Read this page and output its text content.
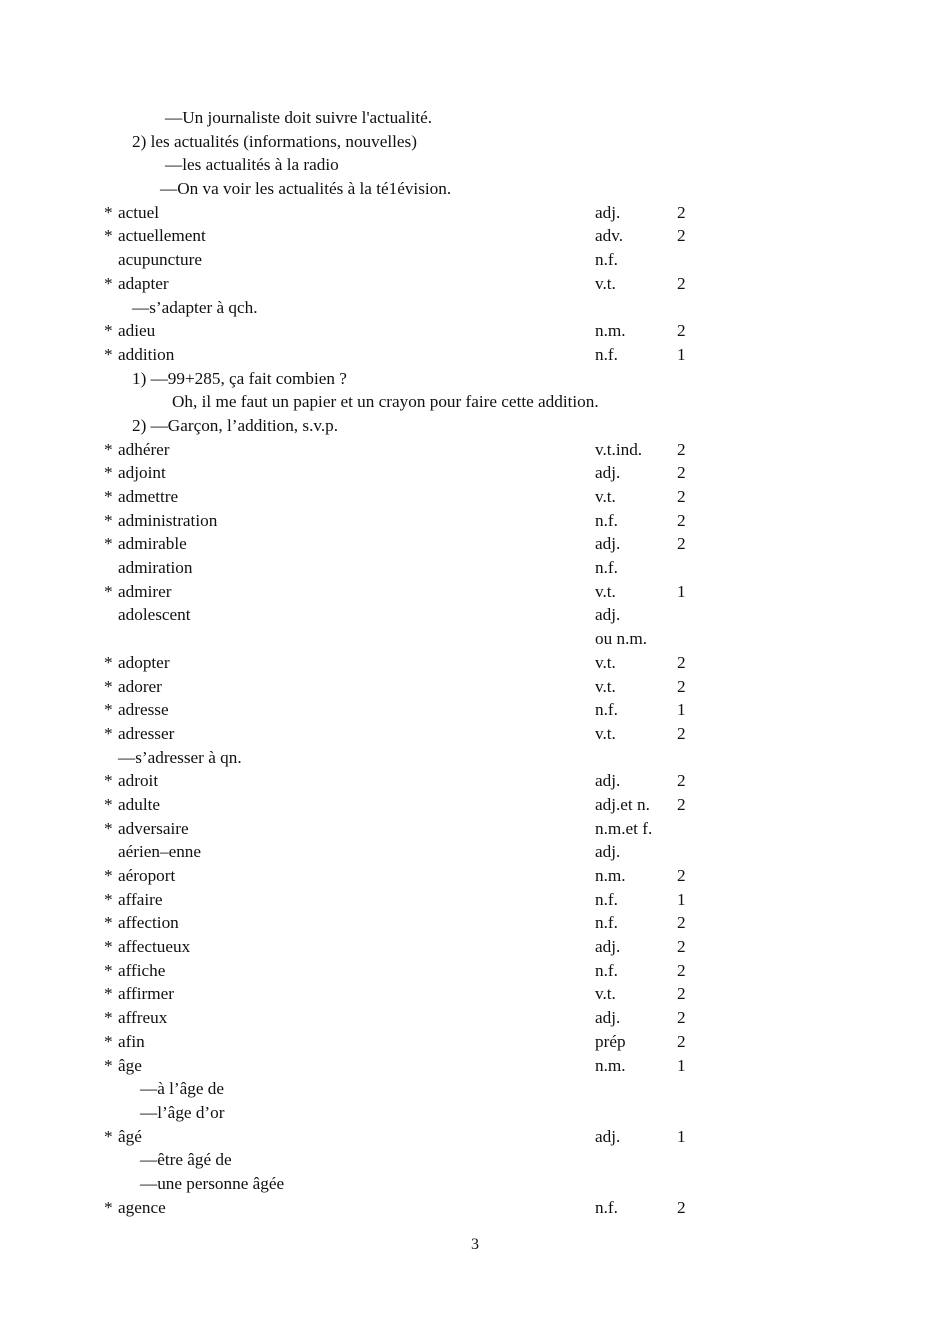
—Un journaliste doit suivre l'actualité.
2) les actualités (informations, nouvelles)
—les actualités à la radio
—On va voir les actualités à la té1évision.
* actuel	adj.	2
* actuellement	adv.	2
acupuncture	n.f.
* adapter	v.t.	2
—s’adapter à qch.
* adieu	n.m.	2
* addition	n.f.	1
1) —99+285, ça fait combien ?
Oh, il me faut un papier et un crayon pour faire cette addition.
2) —Garçon, l’addition, s.v.p.
* adhérer	v.t.ind. 2
* adjoint	adj.	2
* admettre	v.t.	2
* administration	n.f.	2
* admirable	adj.	2
admiration	n.f.
* admirer	v.t.	1
adolescent	adj.
ou n.m.
* adopter	v.t.	2
* adorer	v.t.	2
* adresse	n.f.	1
* adresser	v.t.	2
—s’adresser à qn.
* adroit	adj.	2
* adulte	adj.et n. 2
* adversaire	n.m.et f.
aérien–enne	adj.
* aéroport	n.m.	2
* affaire	n.f.	1
* affection	n.f.	2
* affectueux	adj.	2
* affiche	n.f.	2
* affirmer	v.t.	2
* affreux	adj.	2
* afin	prép	2
* âge	n.m.	1
—à l’âge de
—l’âge d’or
* âgé	adj.	1
—être âgé de
—une personne âgée
* agence	n.f.	2
3
